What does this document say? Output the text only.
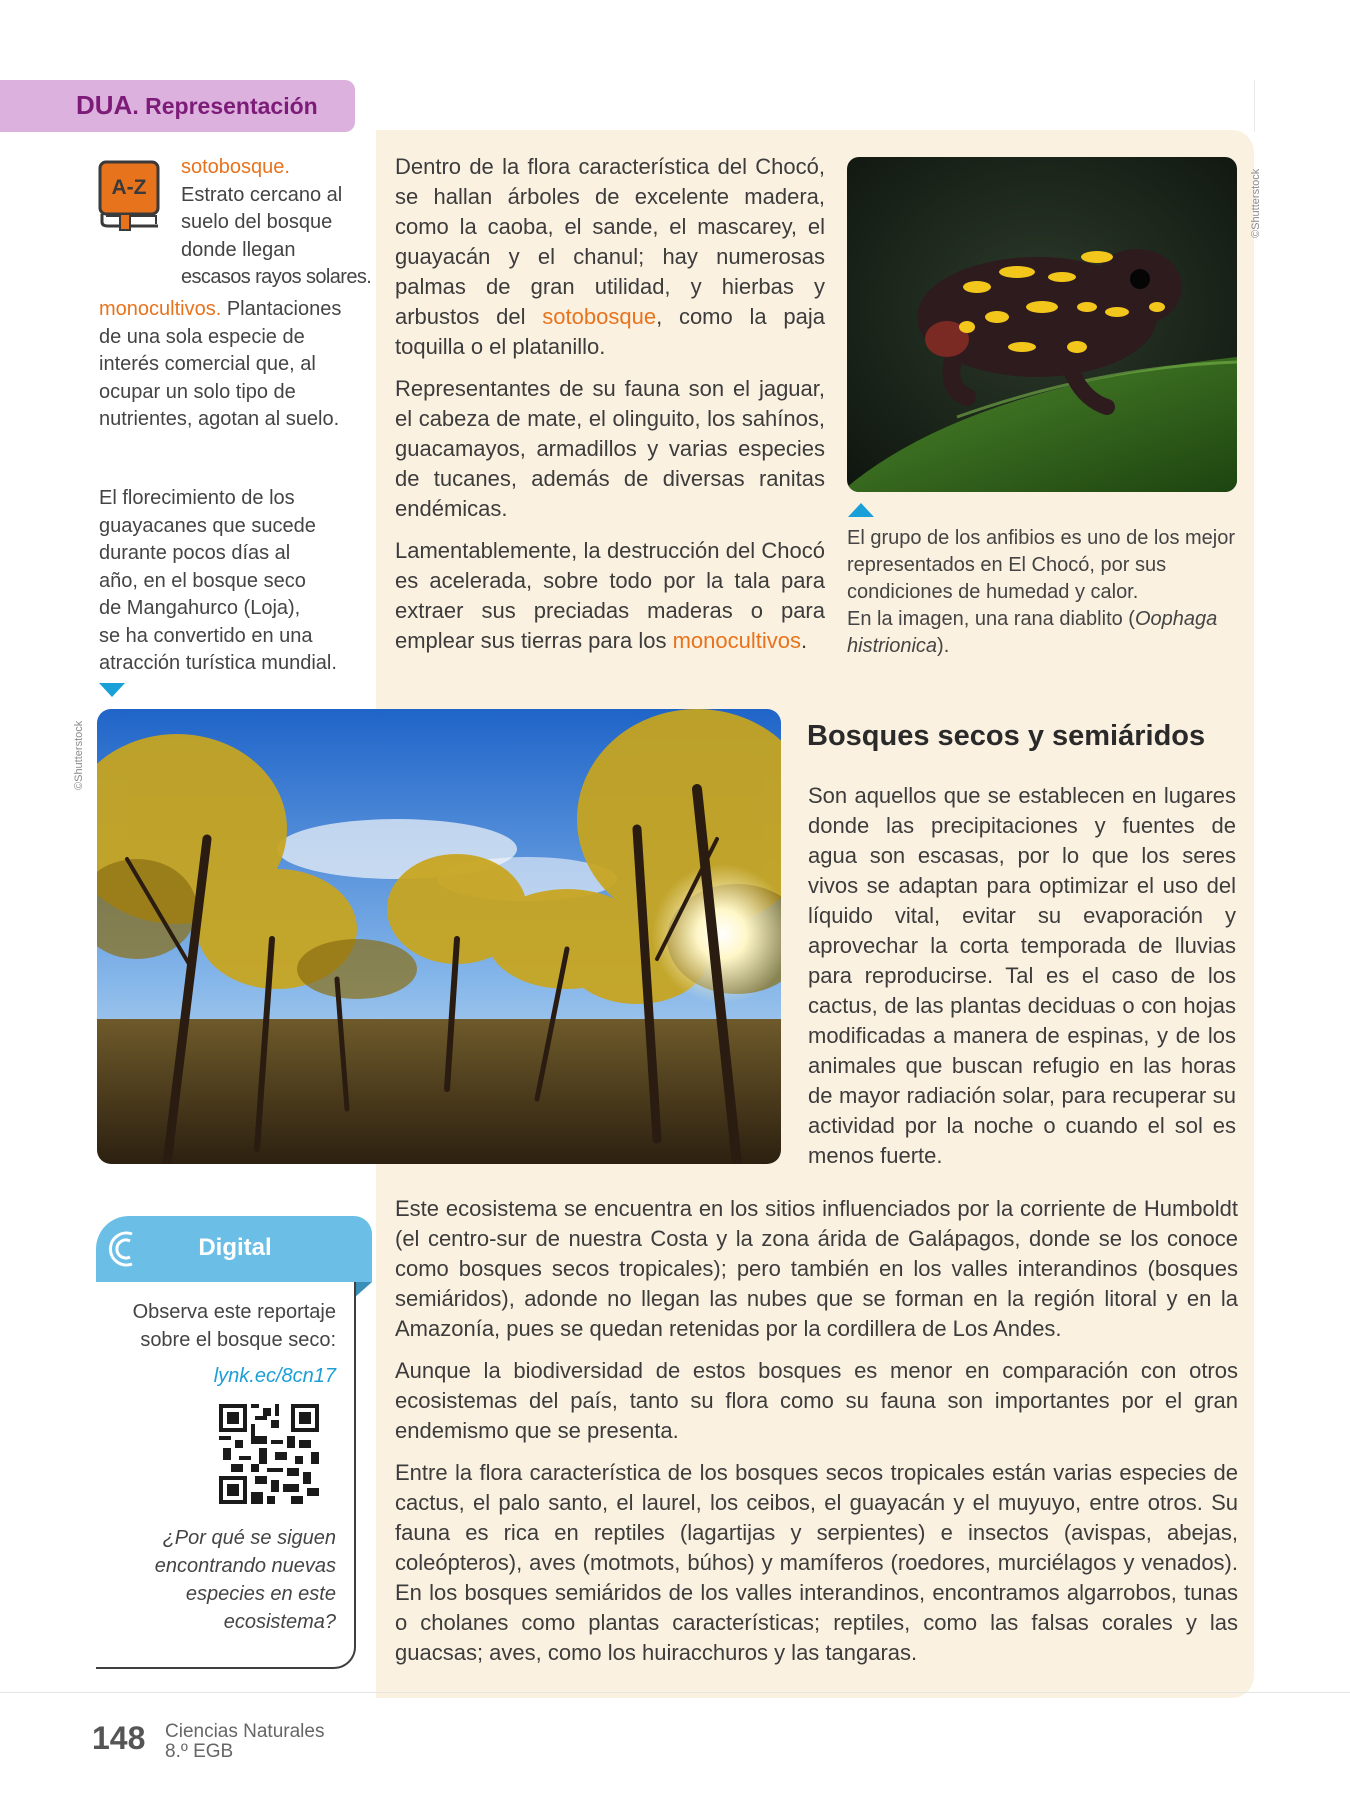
DUA. Representación
A-Z
sotobosque.
Estrato cercano al
suelo del bosque
donde llegan
escasos rayos solares.
monocultivos. Plantaciones
de una sola especie de
interés comercial que, al
ocupar un solo tipo de
nutrientes, agotan al suelo.
El florecimiento de los
guayacanes que sucede
durante pocos días al
año, en el bosque seco
de Mangahurco (Loja),
se ha convertido en una
atracción turística mundial.

Dentro de la flora característica del Chocó, se hallan árboles de excelente madera, como la caoba, el sande, el mascarey, el guayacán y el chanul; hay numerosas palmas de gran utilidad, y hierbas y arbustos del sotobosque, como la paja toquilla o el platanillo.

Representantes de su fauna son el jaguar, el cabeza de mate, el olinguito, los sahínos, guacamayos, armadillos y varias especies de tucanes, además de diversas ranitas endémicas.

Lamentablemente, la destrucción del Chocó es acelerada, sobre todo por la tala para extraer sus preciadas maderas o para emplear sus tierras para los monocultivos.

©Shutterstock
El grupo de los anfibios es uno de los mejor representados en El Chocó, por sus condiciones de humedad y calor.
En la imagen, una rana diablito (Oophaga histrionica).
©Shutterstock	Bosques secos y semiáridos
Son aquellos que se establecen en lugares donde las precipitaciones y fuentes de agua son escasas, por lo que los seres vivos se adaptan para optimizar el uso del líquido vital, evitar su evaporación y aprovechar la corta temporada de lluvias para reproducirse. Tal es el caso de los cactus, de las plantas deciduas o con hojas modificadas a manera de espinas, y de los animales que buscan refugio en las horas de mayor radiación solar, para recuperar su actividad por la noche o cuando el sol es menos fuerte.

Este ecosistema se encuentra en los sitios influenciados por la corriente de Humboldt (el centro-sur de nuestra Costa y la zona árida de Galápagos, donde se los conoce como bosques secos tropicales); pero también en los valles interandinos (bosques semiáridos), adonde no llegan las nubes que se forman en la región litoral y en la Amazonía, pues se quedan retenidas por la cordillera de Los Andes.

Aunque la biodiversidad de estos bosques es menor en comparación con otros ecosistemas del país, tanto su flora como su fauna son importantes por el gran endemismo que se presenta.

Entre la flora característica de los bosques secos tropicales están varias especies de cactus, el palo santo, el laurel, los ceibos, el guayacán y el muyuyo, entre otros. Su fauna es rica en reptiles (lagartijas y serpientes) e insectos (avispas, abejas, coleópteros), aves (motmots, búhos) y mamíferos (roedores, murciélagos y venados). En los bosques semiáridos de los valles interandinos, encontramos algarrobos, tunas o cholanes como plantas características; reptiles, como las falsas corales y las guacsas; aves, como los huiracchuros y las tangaras.

Digital
Observa este reportaje
sobre el bosque seco:
lynk.ec/8cn17
¿Por qué se siguen
encontrando nuevas
especies en este
ecosistema?
148 Ciencias Naturales
8.º EGB
